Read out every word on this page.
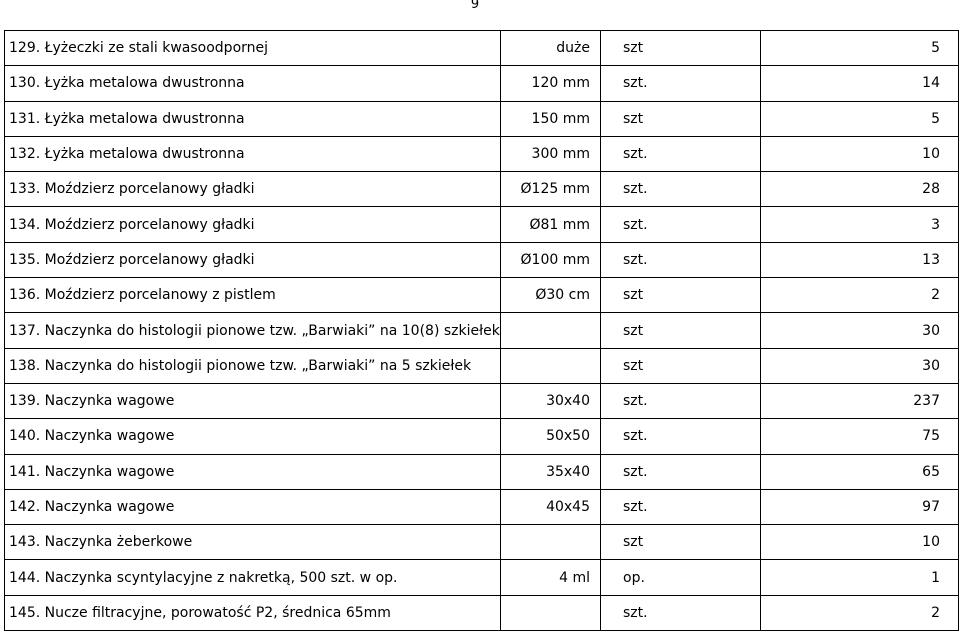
9
129. Łyżeczki ze stali kwasoodpornej	duże	szt	5
130. Łyżka metalowa dwustronna	120 mm	szt.	14
131. Łyżka metalowa dwustronna	150 mm	szt	5
132. Łyżka metalowa dwustronna	300 mm	szt.	10
133. Moździerz porcelanowy gładki	Ø125 mm	szt.	28
134. Moździerz porcelanowy gładki	Ø81 mm	szt.	3
135. Moździerz porcelanowy gładki	Ø100 mm	szt.	13
136. Moździerz porcelanowy z pistlem	Ø30 cm	szt	2
137. Naczynka do histologii pionowe tzw. „Barwiaki” na 10(8) szkiełek		szt	30
138. Naczynka do histologii pionowe tzw. „Barwiaki” na 5 szkiełek		szt	30
139. Naczynka wagowe	30x40	szt.	237
140. Naczynka wagowe	50x50	szt.	75
141. Naczynka wagowe	35x40	szt.	65
142. Naczynka wagowe	40x45	szt.	97
143. Naczynka żeberkowe		szt	10
144. Naczynka scyntylacyjne z nakretką, 500 szt. w op.	4 ml	op.	1
145. Nucze filtracyjne, porowatość P2, średnica 65mm		szt.	2
